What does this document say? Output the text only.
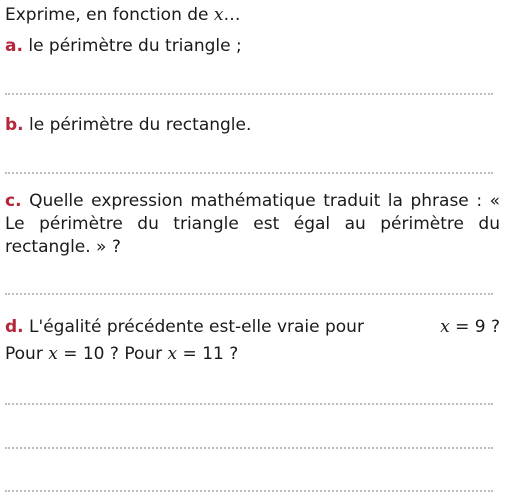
Exprime, en fonction de x…
a. le périmètre du triangle ;
b. le périmètre du rectangle.
c. Quelle expression mathématique traduit la phrase : « Le périmètre du triangle est égal au périmètre du rectangle. » ?
d. L'égalité précédente est-elle vraie pour	x = 9 ?
Pour x = 10 ? Pour x = 11 ?
